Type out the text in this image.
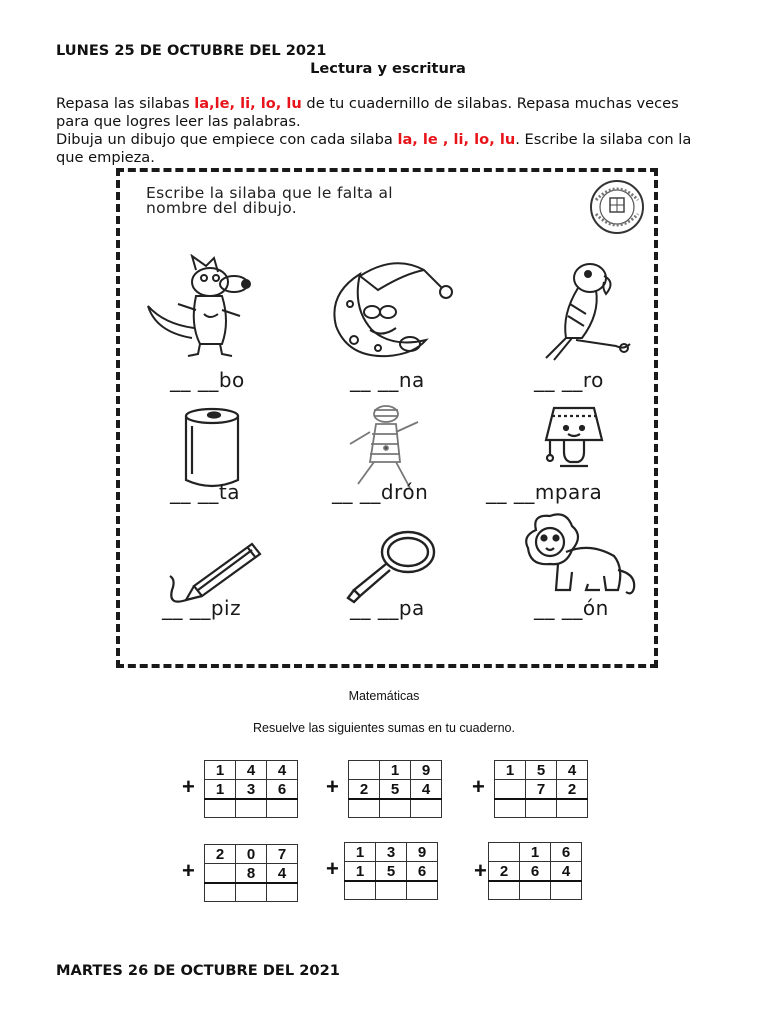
LUNES 25 DE OCTUBRE DEL 2021
Lectura y escritura
Repasa las silabas la,le, li, lo, lu de tu cuadernillo de silabas. Repasa muchas veces para que logres leer las palabras.
Dibuja un dibujo que empiece con cada silaba la, le , li, lo, lu. Escribe la silaba con la que empieza.
Escribe la silaba que le falta al
nombre del dibujo.
__ __bo	__ __na	__ __ro
__ __ta	__ __drón	__ __mpara
__ __piz	__ __pa	__ __ón
Matemáticas
Resuelve las siguientes sumas en tu cuaderno.
+
1	4	4
1	3	6
		+
	1	9
2	5	4
		+
1	5	4
	7	2

+
2	0	7
	8	4
		+
1	3	9
1	5	6
		+
	1	6
2	6	4

MARTES 26 DE OCTUBRE DEL 2021
